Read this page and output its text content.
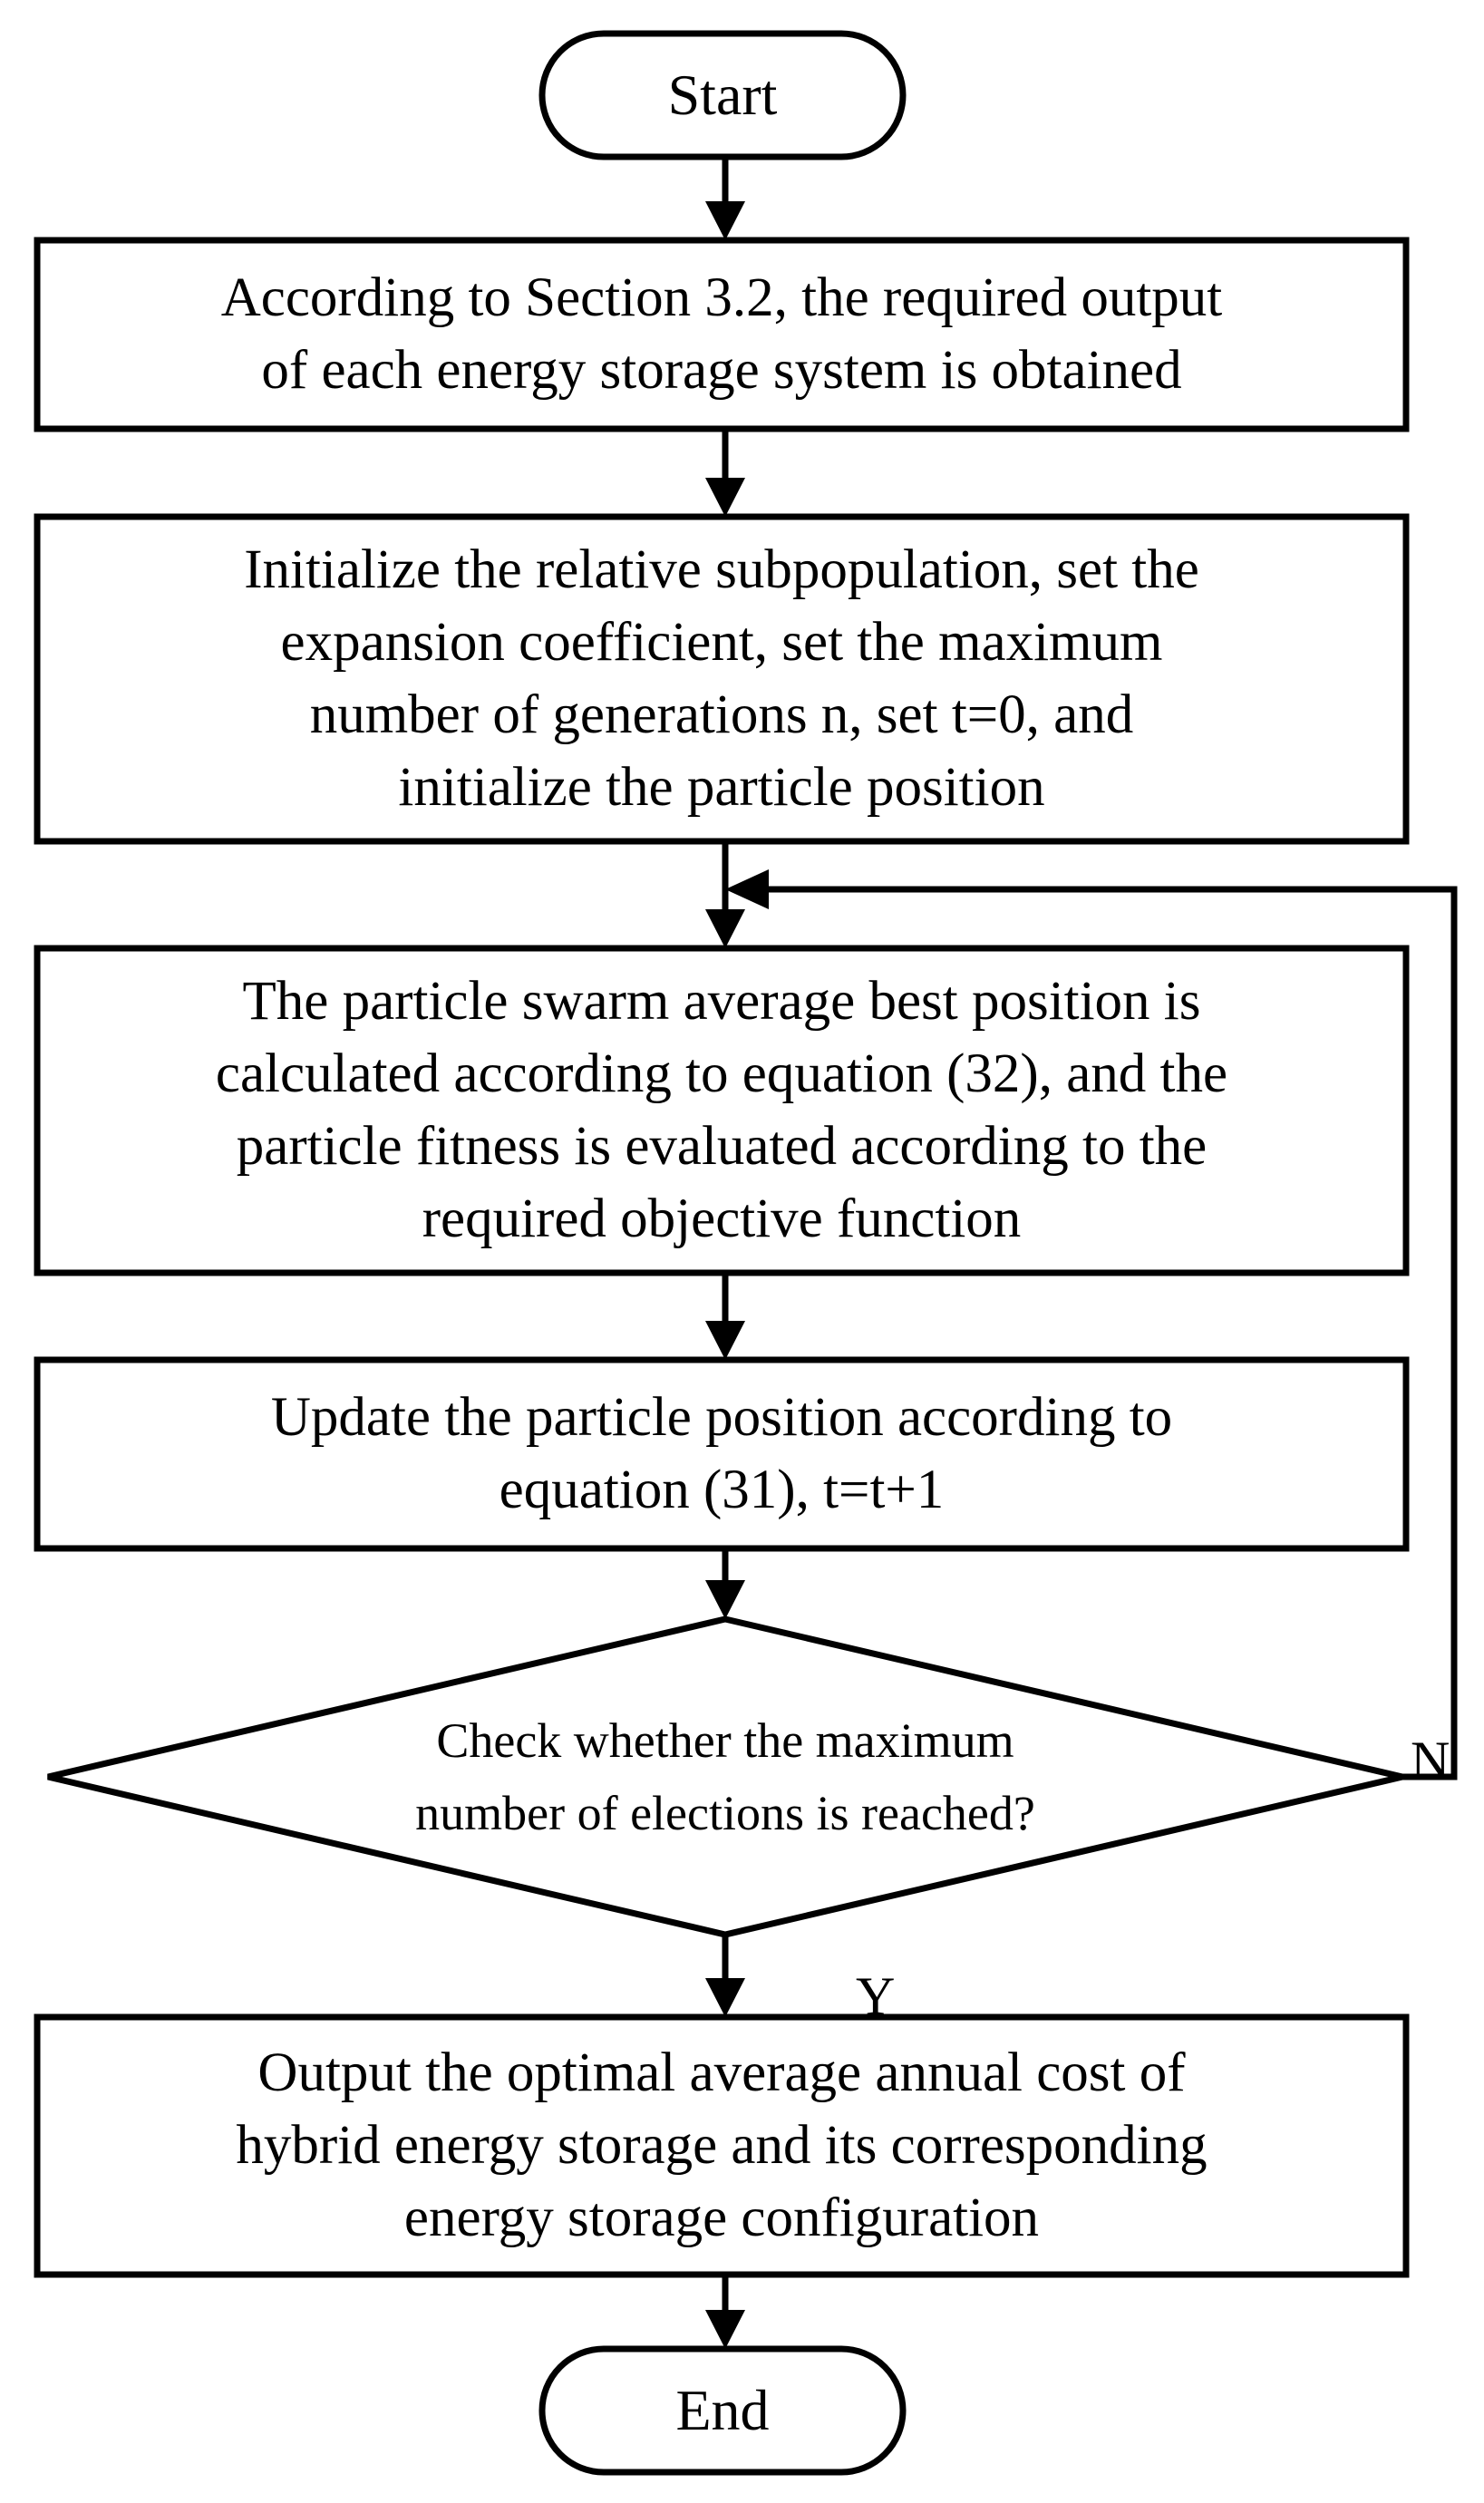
Start
According to Section 3.2, the required output
of each energy storage system is obtained
Initialize the relative subpopulation, set the
expansion coefficient, set the maximum
number of generations n, set t=0, and
initialize the particle position
The particle swarm average best position is
calculated according to equation (32), and the
particle fitness is evaluated according to the
required objective function
Update the particle position according to
equation (31), t=t+1
Check whether the maximum
number of elections is reached?
Output the optimal average annual cost of
hybrid energy storage and its corresponding
energy storage configuration
End
N
Y
